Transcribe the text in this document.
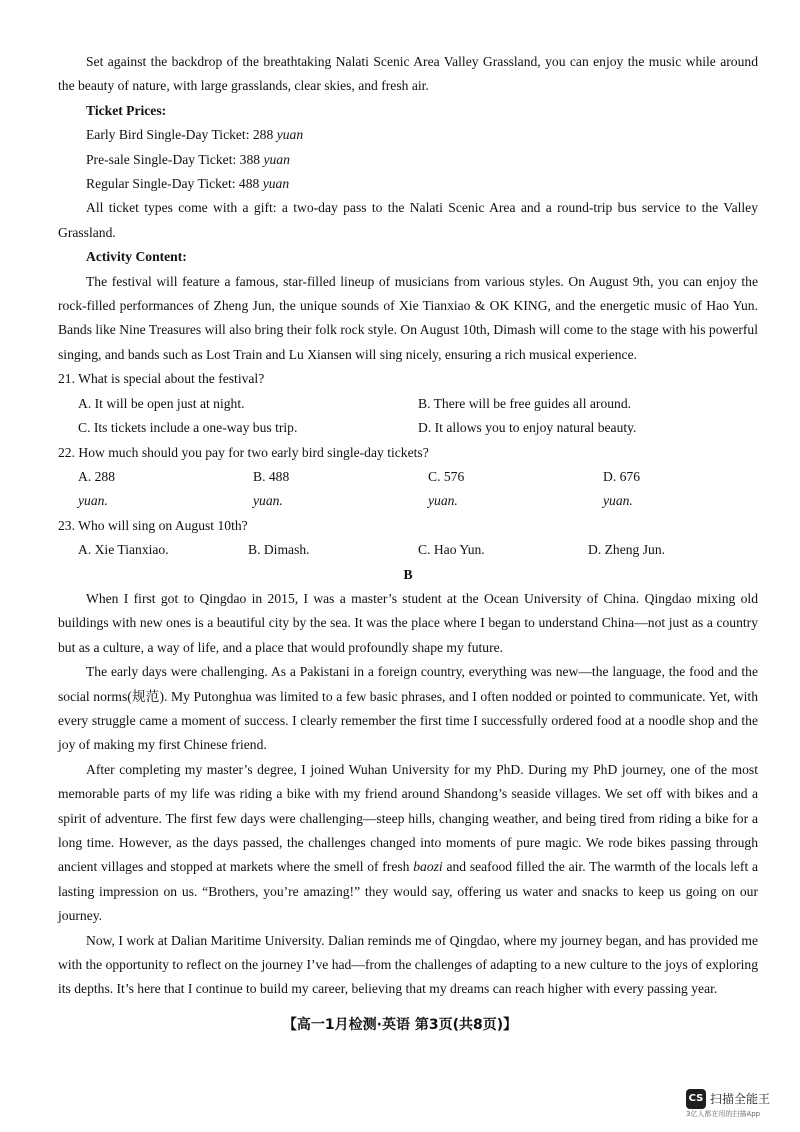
Set against the backdrop of the breathtaking Nalati Scenic Area Valley Grassland, you can enjoy the music while around the beauty of nature, with large grasslands, clear skies, and fresh air.

Ticket Prices:

Early Bird Single-Day Ticket: 288 yuan

Pre-sale Single-Day Ticket: 388 yuan

Regular Single-Day Ticket: 488 yuan

All ticket types come with a gift: a two-day pass to the Nalati Scenic Area and a round-trip bus service to the Valley Grassland.

Activity Content:

The festival will feature a famous, star-filled lineup of musicians from various styles. On August 9th, you can enjoy the rock-filled performances of Zheng Jun, the unique sounds of Xie Tianxiao & OK KING, and the energetic music of Hao Yun. Bands like Nine Treasures will also bring their folk rock style. On August 10th, Dimash will come to the stage with his powerful singing, and bands such as Lost Train and Lu Xiansen will sing nicely, ensuring a rich musical experience.

21. What is special about the festival?

A. It will be open just at night.	B. There will be free guides all around.
C. Its tickets include a one-way bus trip.	D. It allows you to enjoy natural beauty.

22. How much should you pay for two early bird single-day tickets?

A. 288
yuan.
B. 488
yuan.
C. 576
yuan.
D. 676
yuan.

23. Who will sing on August 10th?

A. Xie Tianxiao.	B. Dimash.	C. Hao Yun.	D. Zheng Jun.

B

When I first got to Qingdao in 2015, I was a master’s student at the Ocean University of China. Qingdao mixing old buildings with new ones is a beautiful city by the sea. It was the place where I began to understand China—not just as a country but as a culture, a way of life, and a place that would profoundly shape my future.

The early days were challenging. As a Pakistani in a foreign country, everything was new—the language, the food and the social norms(规范). My Putonghua was limited to a few basic phrases, and I often nodded or pointed to communicate. Yet, with every struggle came a moment of success. I clearly remember the first time I successfully ordered food at a noodle shop and the joy of making my first Chinese friend.

After completing my master’s degree, I joined Wuhan University for my PhD. During my PhD journey, one of the most memorable parts of my life was riding a bike with my friend around Shandong’s seaside villages. We set off with bikes and a spirit of adventure. The first few days were challenging—steep hills, changing weather, and being tired from riding a bike for a long time. However, as the days passed, the challenges changed into moments of pure magic. We rode bikes passing through ancient villages and stopped at markets where the smell of fresh baozi and seafood filled the air. The warmth of the locals left a lasting impression on us. “Brothers, you’re amazing!” they would say, offering us water and snacks to keep us going on our journey.

Now, I work at Dalian Maritime University. Dalian reminds me of Qingdao, where my journey began, and has provided me with the opportunity to reflect on the journey I’ve had—from the challenges of adapting to a new culture to the joys of exploring its depths. It’s here that I continue to build my career, believing that my dreams can reach higher with every passing year.

【高一1月检测·英语 第3页(共8页)】
CS 扫描全能王
3亿人都在用的扫描App
